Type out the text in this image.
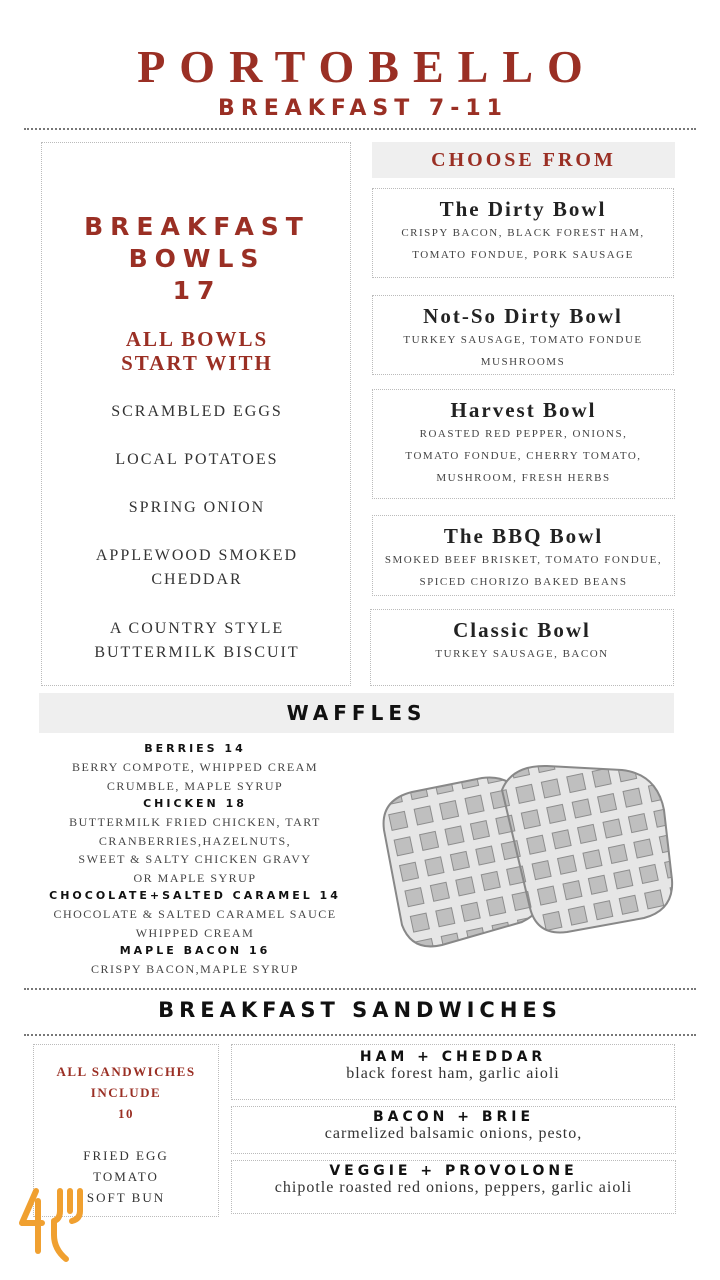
PORTOBELLO
BREAKFAST 7-11
BREAKFAST
BOWLS
17
ALL BOWLS
START WITH
SCRAMBLED EGGS
LOCAL POTATOES
SPRING ONION
APPLEWOOD SMOKED
CHEDDAR
A COUNTRY STYLE
BUTTERMILK BISCUIT
CHOOSE FROM
The Dirty Bowl
CRISPY BACON, BLACK FOREST HAM,
TOMATO FONDUE, PORK SAUSAGE
Not-So Dirty Bowl
TURKEY SAUSAGE, TOMATO FONDUE
MUSHROOMS
Harvest Bowl
ROASTED RED PEPPER, ONIONS,
TOMATO FONDUE, CHERRY TOMATO,
MUSHROOM, FRESH HERBS
The BBQ Bowl
SMOKED BEEF BRISKET, TOMATO FONDUE,
SPICED CHORIZO BAKED BEANS
Classic Bowl
TURKEY SAUSAGE, BACON
WAFFLES
BERRIES 14
BERRY COMPOTE, WHIPPED CREAM
CRUMBLE, MAPLE SYRUP
CHICKEN 18
BUTTERMILK FRIED CHICKEN, TART
CRANBERRIES,HAZELNUTS,
SWEET & SALTY CHICKEN GRAVY
OR MAPLE SYRUP
CHOCOLATE+SALTED CARAMEL 14
CHOCOLATE & SALTED CARAMEL SAUCE
WHIPPED CREAM
MAPLE BACON 16
CRISPY BACON,MAPLE SYRUP
BREAKFAST SANDWICHES
ALL SANDWICHES
INCLUDE
10
FRIED EGG
TOMATO
SOFT BUN
HAM + CHEDDAR
black forest ham, garlic aioli
BACON + BRIE
carmelized balsamic onions, pesto,
VEGGIE + PROVOLONE
chipotle roasted red onions, peppers, garlic aioli
